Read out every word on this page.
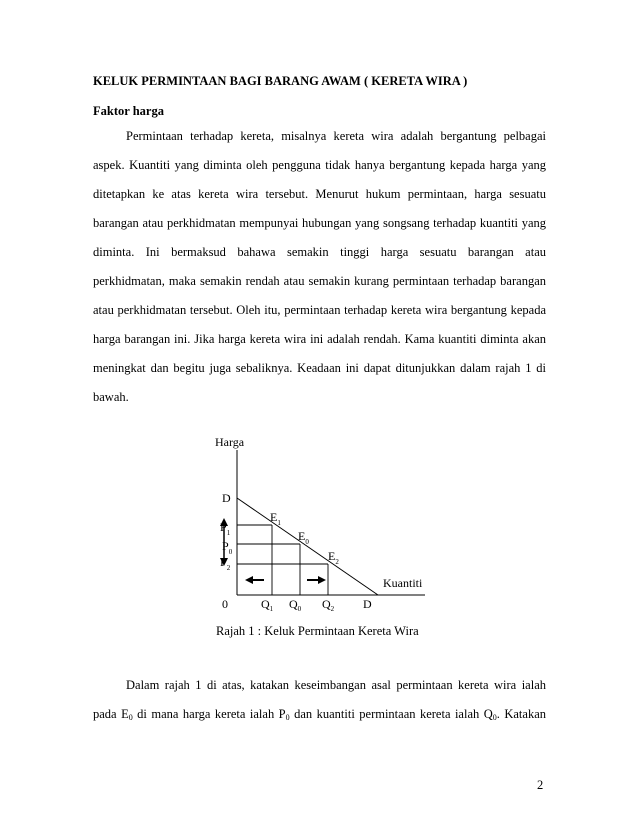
KELUK PERMINTAAN BAGI BARANG AWAM ( KERETA WIRA )
Faktor harga
Permintaan terhadap kereta, misalnya kereta wira adalah bergantung pelbagai
aspek. Kuantiti yang diminta oleh pengguna tidak hanya bergantung kepada harga yang
ditetapkan ke atas kereta wira tersebut. Menurut hukum permintaan, harga sesuatu
barangan atau perkhidmatan mempunyai hubungan yang songsang terhadap kuantiti yang
diminta. Ini bermaksud bahawa semakin tinggi harga sesuatu barangan atau
perkhidmatan, maka semakin rendah atau semakin kurang permintaan terhadap barangan
atau perkhidmatan tersebut. Oleh itu, permintaan terhadap kereta wira bergantung kepada
harga barangan ini. Jika harga kereta wira ini adalah rendah. Kama kuantiti diminta akan
meningkat dan begitu juga sebaliknya. Keadaan ini dapat ditunjukkan dalam rajah 1 di
bawah.
Harga
Kuantiti
0
D
D
$P_1$
$P_0$
$P_2$
$Q_1$ $Q_0$ $Q_2$
$E_1$
$E_0$
$E_2$
Rajah 1 : Keluk Permintaan Kereta Wira
Dalam rajah 1 di atas, katakan keseimbangan asal permintaan kereta wira ialah
pada $E_0$ di mana harga kereta ialah $P_0$ dan kuantiti permintaan kereta ialah $Q_0$. Katakan
2
